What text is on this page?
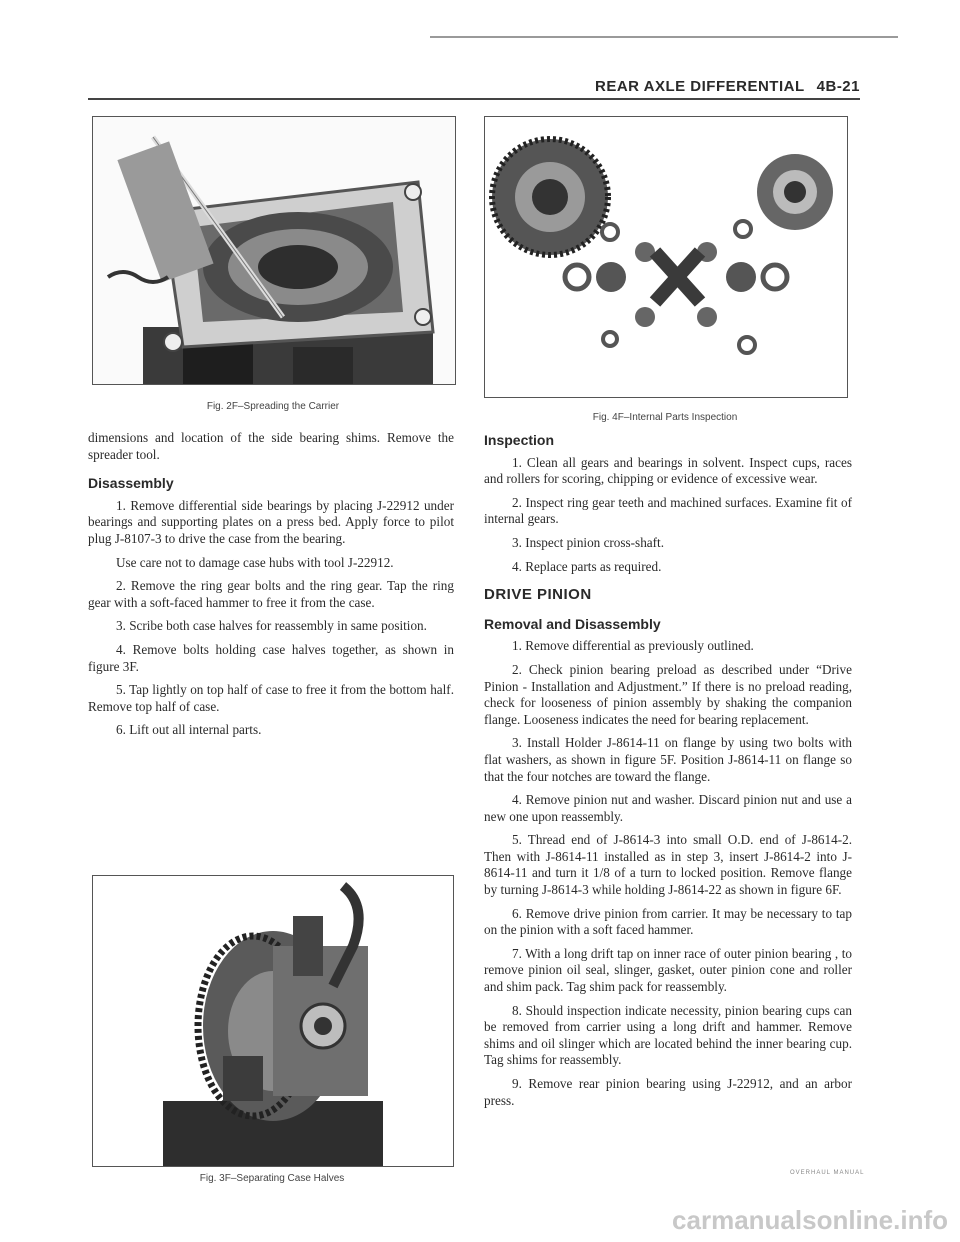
REAR AXLE DIFFERENTIAL 4B-21
Fig. 2F–Spreading the Carrier
Fig. 4F–Internal Parts Inspection

dimensions and location of the side bearing shims. Remove the spreader tool.

Disassembly

1. Remove differential side bearings by placing J-22912 under bearings and supporting plates on a press bed. Apply force to pilot plug J-8107-3 to drive the case from the bearing.

Use care not to damage case hubs with tool J-22912.

2. Remove the ring gear bolts and the ring gear. Tap the ring gear with a soft-faced hammer to free it from the case.

3. Scribe both case halves for reassembly in same position.

4. Remove bolts holding case halves together, as shown in figure 3F.

5. Tap lightly on top half of case to free it from the bottom half. Remove top half of case.

6. Lift out all internal parts.

Fig. 3F–Separating Case Halves
Inspection

1. Clean all gears and bearings in solvent. Inspect cups, races and rollers for scoring, chipping or evidence of excessive wear.

2. Inspect ring gear teeth and machined surfaces. Examine fit of internal gears.

3. Inspect pinion cross-shaft.

4. Replace parts as required.

DRIVE PINION
Removal and Disassembly

1. Remove differential as previously outlined.

2. Check pinion bearing preload as described under “Drive Pinion - Installation and Adjustment.” If there is no preload reading, check for looseness of pinion assembly by shaking the companion flange. Looseness indicates the need for bearing replacement.

3. Install Holder J-8614-11 on flange by using two bolts with flat washers, as shown in figure 5F. Position J-8614-11 on flange so that the four notches are toward the flange.

4. Remove pinion nut and washer. Discard pinion nut and use a new one upon reassembly.

5. Thread end of J-8614-3 into small O.D. end of J-8614-2. Then with J-8614-11 installed as in step 3, insert J-8614-2 into J-8614-11 and turn it 1/8 of a turn to locked position. Remove flange by turning J-8614-3 while holding J-8614-22 as shown in figure 6F.

6. Remove drive pinion from carrier. It may be necessary to tap on the pinion with a soft faced hammer.

7. With a long drift tap on inner race of outer pinion bearing , to remove pinion oil seal, slinger, gasket, outer pinion cone and roller and shim pack. Tag shim pack for reassembly.

8. Should inspection indicate necessity, pinion bearing cups can be removed from carrier using a long drift and hammer. Remove shims and oil slinger which are located behind the inner bearing cup. Tag shims for reassembly.

9. Remove rear pinion bearing using J-22912, and an arbor press.

OVERHAUL MANUAL
carmanualsonline.info
